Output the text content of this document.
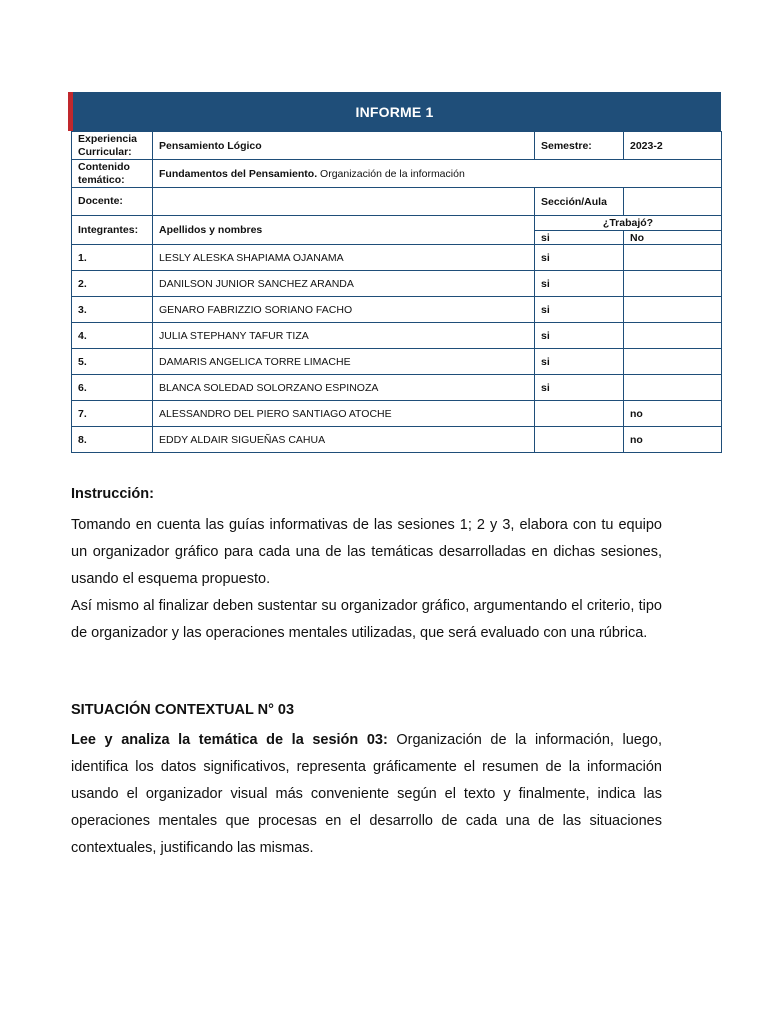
INFORME 1
Experiencia Curricular:	Pensamiento Lógico	Semestre:	2023-2
Contenido temático:	Fundamentos del Pensamiento. Organización de la información		
Docente:		Sección/Aula	
Integrantes:	Apellidos y nombres	¿Trabajó?	
		si	No
1.	LESLY ALESKA SHAPIAMA OJANAMA	si	
2.	DANILSON JUNIOR SANCHEZ ARANDA	si	
3.	GENARO FABRIZZIO SORIANO FACHO	si	
4.	JULIA STEPHANY TAFUR TIZA	si	
5.	DAMARIS ANGELICA TORRE LIMACHE	si	
6.	BLANCA SOLEDAD SOLORZANO ESPINOZA	si	
7.	ALESSANDRO DEL PIERO SANTIAGO ATOCHE		no
8.	EDDY ALDAIR SIGUEÑAS CAHUA		no
Instrucción:
Tomando en cuenta las guías informativas de las sesiones 1; 2 y 3, elabora con tu equipo un organizador gráfico para cada una de las temáticas desarrolladas en dichas sesiones, usando el esquema propuesto.
Así mismo al finalizar deben sustentar su organizador gráfico, argumentando el criterio, tipo de organizador y las operaciones mentales utilizadas, que será evaluado con una rúbrica.
SITUACIÓN CONTEXTUAL N° 03
Lee y analiza la temática de la sesión 03: Organización de la información, luego, identifica los datos significativos, representa gráficamente el resumen de la información usando el organizador visual más conveniente según el texto y finalmente, indica las operaciones mentales que procesas en el desarrollo de cada una de las situaciones contextuales, justificando las mismas.
